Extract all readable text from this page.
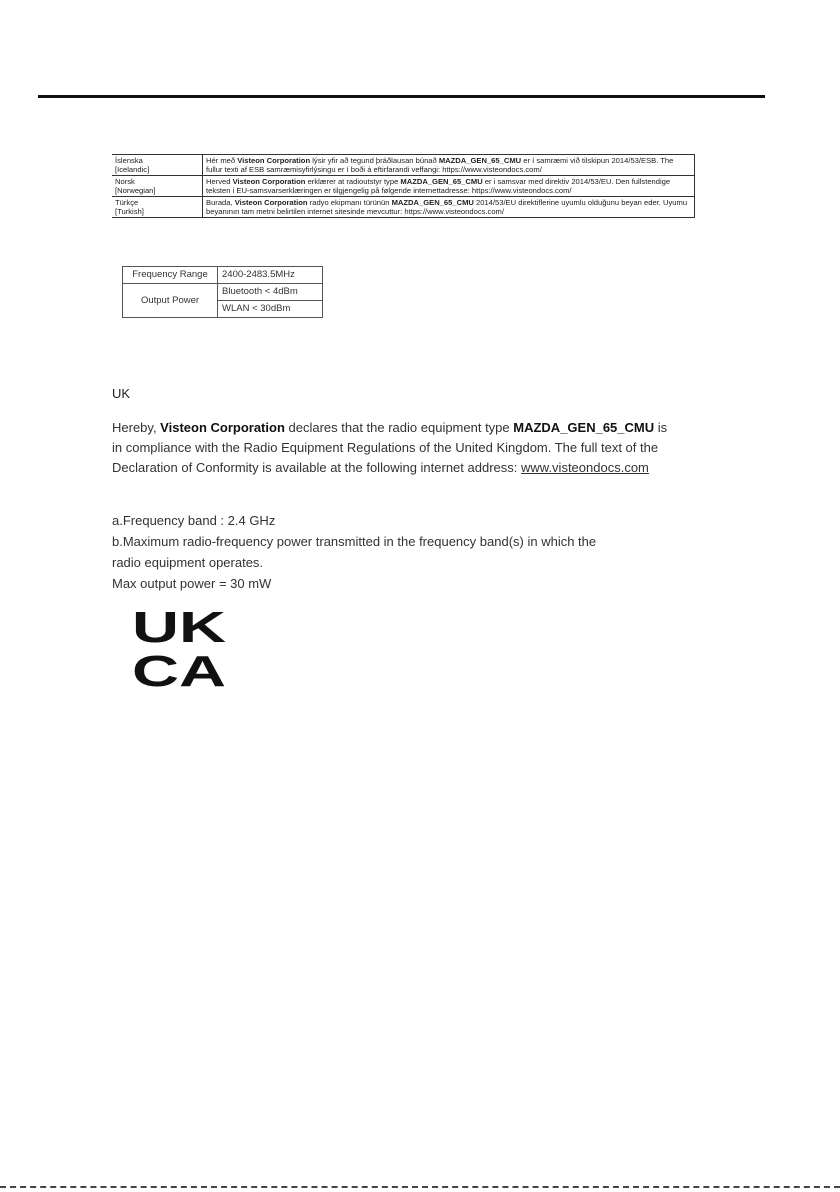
Íslenska
[Icelandic]	Hér með Visteon Corporation lýsir yfir að tegund þráðlausan búnað MAZDA_GEN_65_CMU er í samræmi við tilskipun 2014/53/ESB. The fullur texti af ESB samræmisyfirlýsingu er í boði á eftirfarandi veffangi: https://www.visteondocs.com/
Norsk
[Norwegian]	Herved Visteon Corporation erklærer at radioutstyr type MAZDA_GEN_65_CMU er i samsvar med direktiv 2014/53/EU. Den fullstendige teksten i EU-samsvarserklæringen er tilgjengelig på følgende internettadresse: https://www.visteondocs.com/
Türkçe
[Turkish]	Burada, Visteon Corporation radyo ekipmanı türünün MAZDA_GEN_65_CMU 2014/53/EU direktiflerine uyumlu olduğunu beyan eder. Uyumu beyanının tam metni belirtilen internet sitesinde mevcuttur: https://www.visteondocs.com/
Frequency Range	2400-2483.5MHz
Output Power	Bluetooth < 4dBm
	WLAN < 30dBm
UK

Hereby, Visteon Corporation declares that the radio equipment type MAZDA_GEN_65_CMU is in compliance with the Radio Equipment Regulations of the United Kingdom. The full text of the Declaration of Conformity is available at the following internet address: www.visteondocs.com

a.Frequency band : 2.4 GHz
b.Maximum radio-frequency power transmitted in the frequency band(s) in which the
radio equipment operates.
Max output power = 30 mW
UK
CA
